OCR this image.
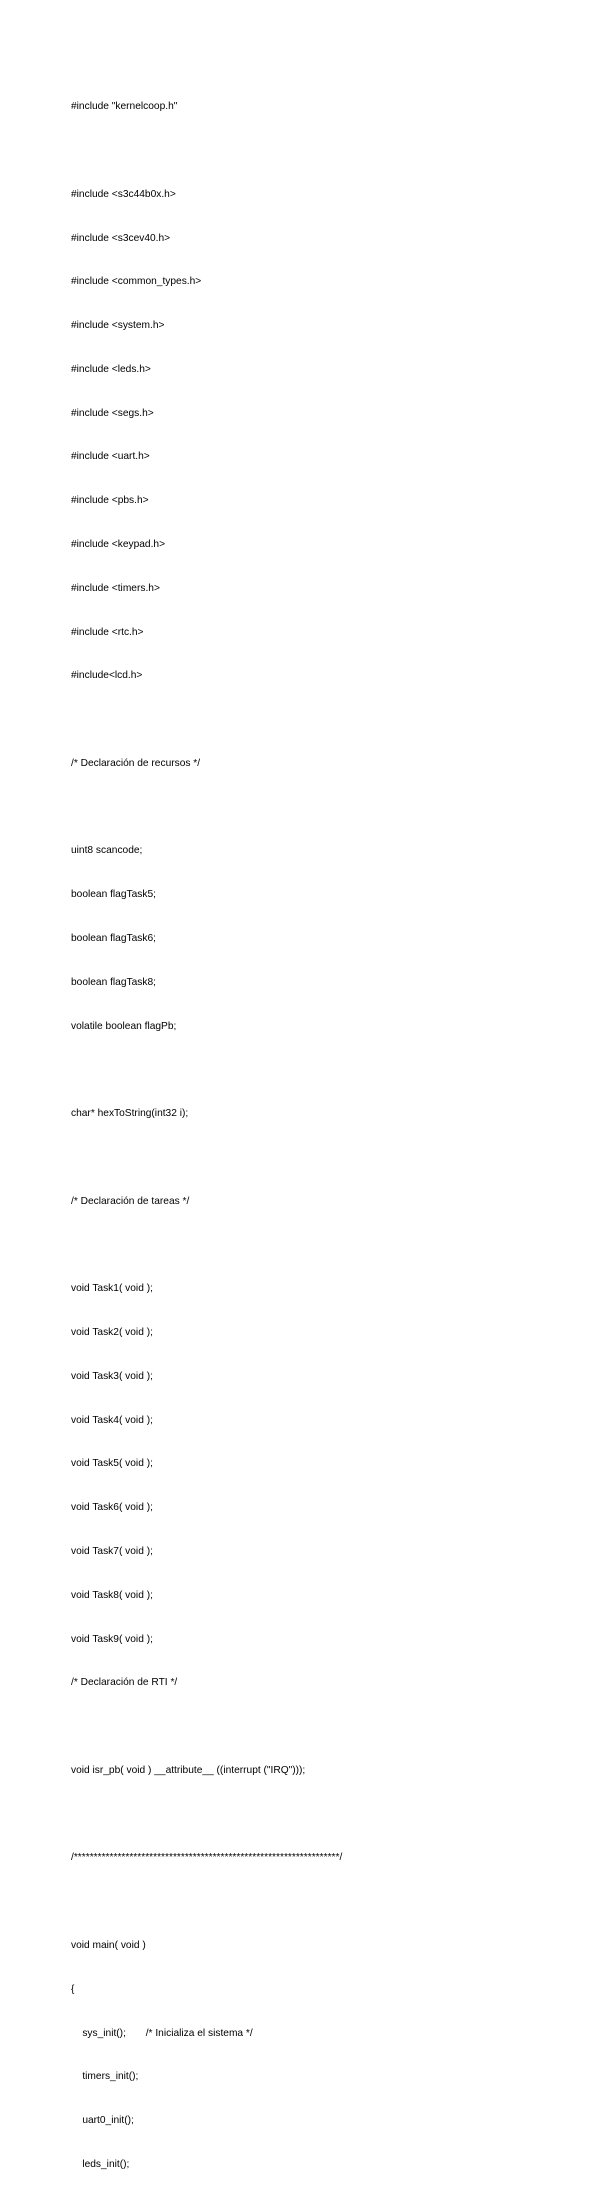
#include "kernelcoop.h"

#include <s3c44b0x.h>

#include <s3cev40.h>

#include <common_types.h>

#include <system.h>

#include <leds.h>

#include <segs.h>

#include <uart.h>

#include <pbs.h>

#include <keypad.h>

#include <timers.h>

#include <rtc.h>

#include<lcd.h>

/* Declaración de recursos */

uint8 scancode;

boolean flagTask5;

boolean flagTask6;

boolean flagTask8;

volatile boolean flagPb;

char* hexToString(int32 i);

/* Declaración de tareas */

void Task1( void );

void Task2( void );

void Task3( void );

void Task4( void );

void Task5( void );

void Task6( void );

void Task7( void );

void Task8( void );

void Task9( void );

/* Declaración de RTI */

void isr_pb( void ) __attribute__ ((interrupt ("IRQ")));

/*******************************************************************/

void main( void )

{

sys_init();       /* Inicializa el sistema */

timers_init();

uart0_init();

leds_init();
